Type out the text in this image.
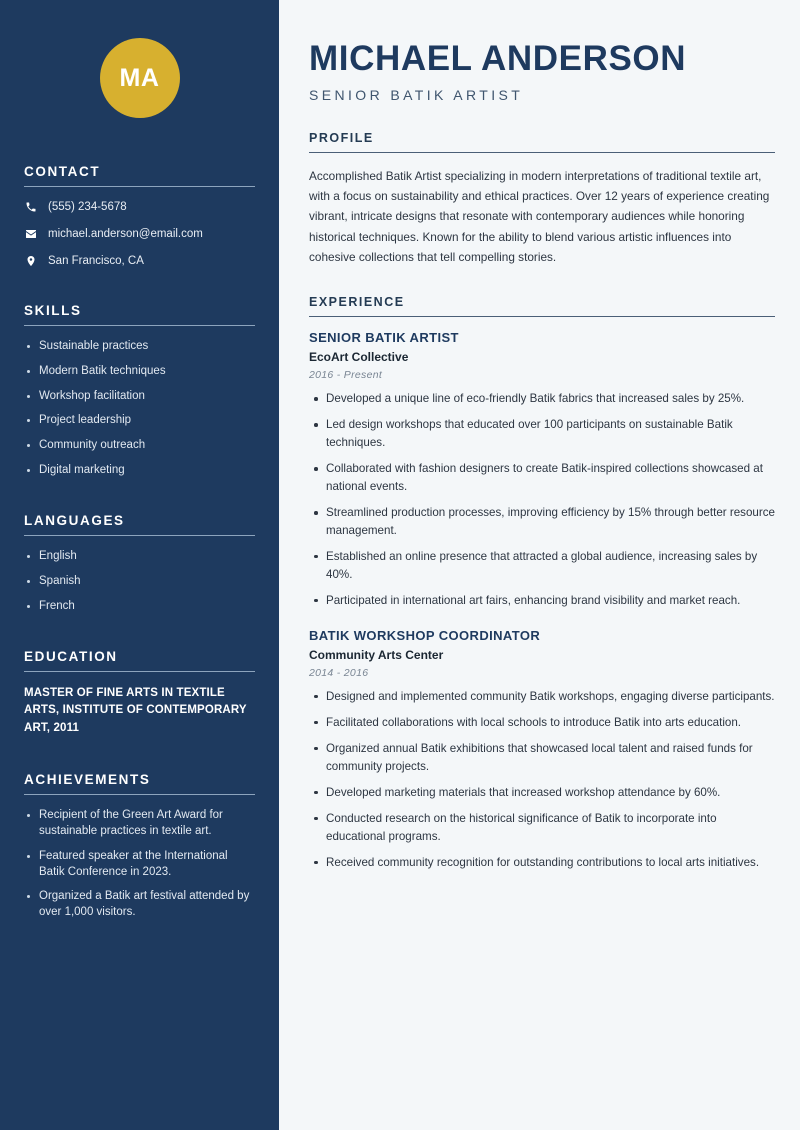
MA
CONTACT
(555) 234-5678
michael.anderson@email.com
San Francisco, CA
SKILLS
Sustainable practices
Modern Batik techniques
Workshop facilitation
Project leadership
Community outreach
Digital marketing
LANGUAGES
English
Spanish
French
EDUCATION
MASTER OF FINE ARTS IN TEXTILE ARTS, INSTITUTE OF CONTEMPORARY ART, 2011
ACHIEVEMENTS
Recipient of the Green Art Award for sustainable practices in textile art.
Featured speaker at the International Batik Conference in 2023.
Organized a Batik art festival attended by over 1,000 visitors.
MICHAEL ANDERSON
SENIOR BATIK ARTIST
PROFILE

Accomplished Batik Artist specializing in modern interpretations of traditional textile art, with a focus on sustainability and ethical practices. Over 12 years of experience creating vibrant, intricate designs that resonate with contemporary audiences while honoring historical techniques. Known for the ability to blend various artistic influences into cohesive collections that tell compelling stories.

EXPERIENCE
SENIOR BATIK ARTIST
EcoArt Collective
2016 - Present
Developed a unique line of eco-friendly Batik fabrics that increased sales by 25%.
Led design workshops that educated over 100 participants on sustainable Batik techniques.
Collaborated with fashion designers to create Batik-inspired collections showcased at national events.
Streamlined production processes, improving efficiency by 15% through better resource management.
Established an online presence that attracted a global audience, increasing sales by 40%.
Participated in international art fairs, enhancing brand visibility and market reach.
BATIK WORKSHOP COORDINATOR
Community Arts Center
2014 - 2016
Designed and implemented community Batik workshops, engaging diverse participants.
Facilitated collaborations with local schools to introduce Batik into arts education.
Organized annual Batik exhibitions that showcased local talent and raised funds for community projects.
Developed marketing materials that increased workshop attendance by 60%.
Conducted research on the historical significance of Batik to incorporate into educational programs.
Received community recognition for outstanding contributions to local arts initiatives.
